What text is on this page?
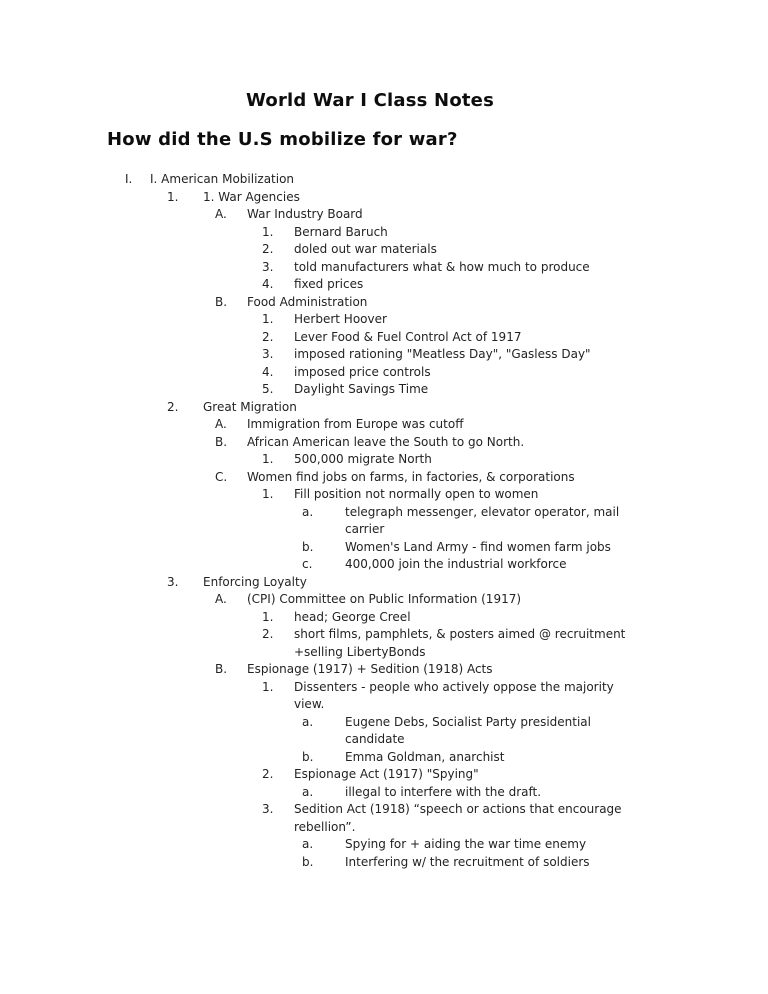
World War I Class Notes
How did the U.S mobilize for war?
I. I. American Mobilization
1. 1. War Agencies
A. War Industry Board
1. Bernard Baruch
2. doled out war materials
3. told manufacturers what & how much to produce
4. fixed prices
B. Food Administration
1. Herbert Hoover
2. Lever Food & Fuel Control Act of 1917
3. imposed rationing "Meatless Day", "Gasless Day"
4. imposed price controls
5. Daylight Savings Time
2. Great Migration
A. Immigration from Europe was cutoff
B. African American leave the South to go North.
1. 500,000 migrate North
C. Women find jobs on farms, in factories, & corporations
1. Fill position not normally open to women
a.	telegraph messenger, elevator operator, mail
carrier
b.	Women's Land Army - find women farm jobs
c.	400,000 join the industrial workforce
3. Enforcing Loyalty
A. (CPI) Committee on Public Information (1917)
1. head; George Creel
2. short films, pamphlets, & posters aimed @ recruitment
+selling LibertyBonds
B. Espionage (1917) + Sedition (1918) Acts
1. Dissenters - people who actively oppose the majority
view.
a.	Eugene Debs, Socialist Party presidential
candidate
b.	Emma Goldman, anarchist
2. Espionage Act (1917) "Spying"
a.	illegal to interfere with the draft.
3. Sedition Act (1918) “speech or actions that encourage
rebellion”.
a.	Spying for + aiding the war time enemy
b.	Interfering w/ the recruitment of soldiers
